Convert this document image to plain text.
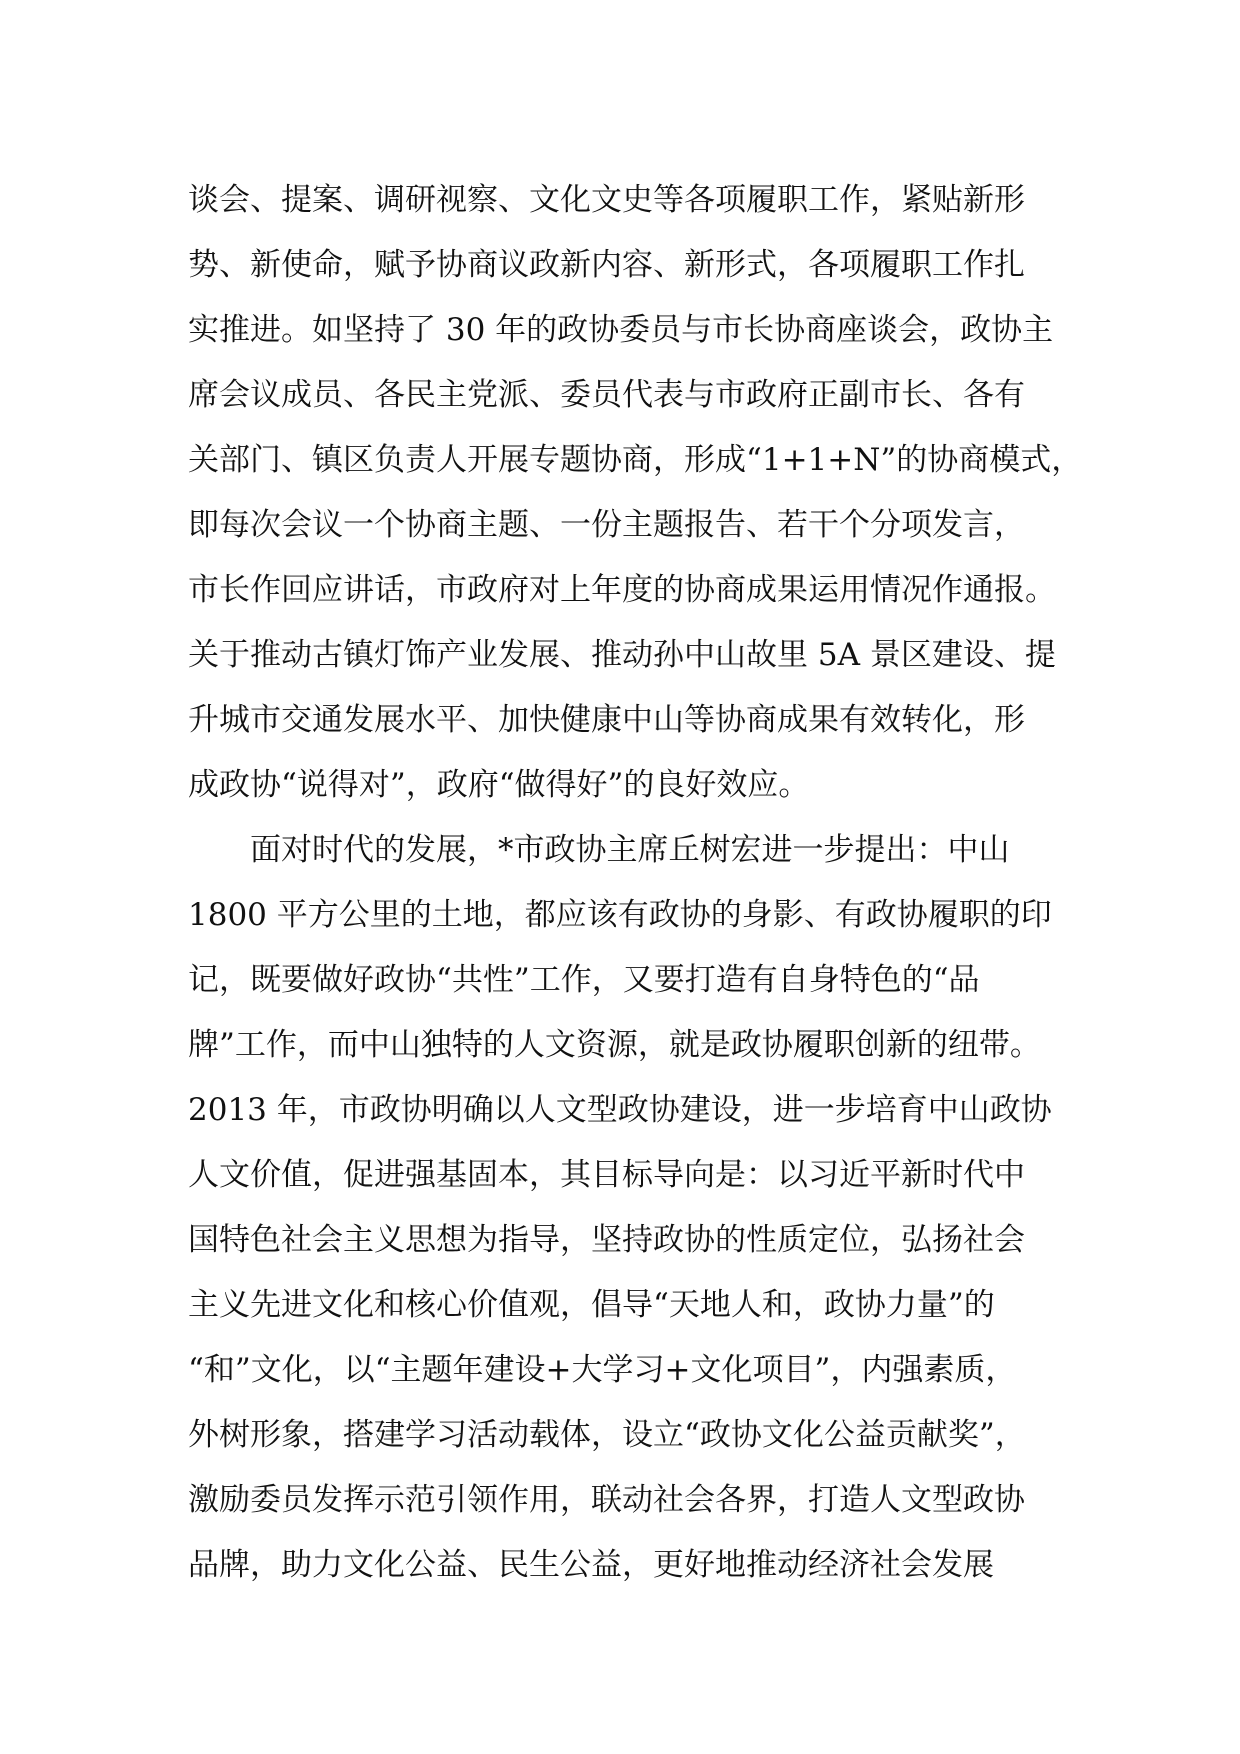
谈会、提案、调研视察、文化文史等各项履职工作，紧贴新形
势、新使命，赋予协商议政新内容、新形式，各项履职工作扎
实推进。如坚持了 30 年的政协委员与市长协商座谈会，政协主
席会议成员、各民主党派、委员代表与市政府正副市长、各有
关部门、镇区负责人开展专题协商，形成“1+1+N”的协商模式，
即每次会议一个协商主题、一份主题报告、若干个分项发言，
市长作回应讲话，市政府对上年度的协商成果运用情况作通报。
关于推动古镇灯饰产业发展、推动孙中山故里 5A 景区建设、提
升城市交通发展水平、加快健康中山等协商成果有效转化，形
成政协“说得对”，政府“做得好”的良好效应。
面对时代的发展，*市政协主席丘树宏进一步提出：中山
1800 平方公里的土地，都应该有政协的身影、有政协履职的印
记，既要做好政协“共性”工作，又要打造有自身特色的“品
牌”工作，而中山独特的人文资源，就是政协履职创新的纽带。
2013 年，市政协明确以人文型政协建设，进一步培育中山政协
人文价值，促进强基固本，其目标导向是：以习近平新时代中
国特色社会主义思想为指导，坚持政协的性质定位，弘扬社会
主义先进文化和核心价值观，倡导“天地人和，政协力量”的
“和”文化，以“主题年建设+大学习+文化项目”，内强素质，
外树形象，搭建学习活动载体，设立“政协文化公益贡献奖”，
激励委员发挥示范引领作用，联动社会各界，打造人文型政协
品牌，助力文化公益、民生公益，更好地推动经济社会发展
